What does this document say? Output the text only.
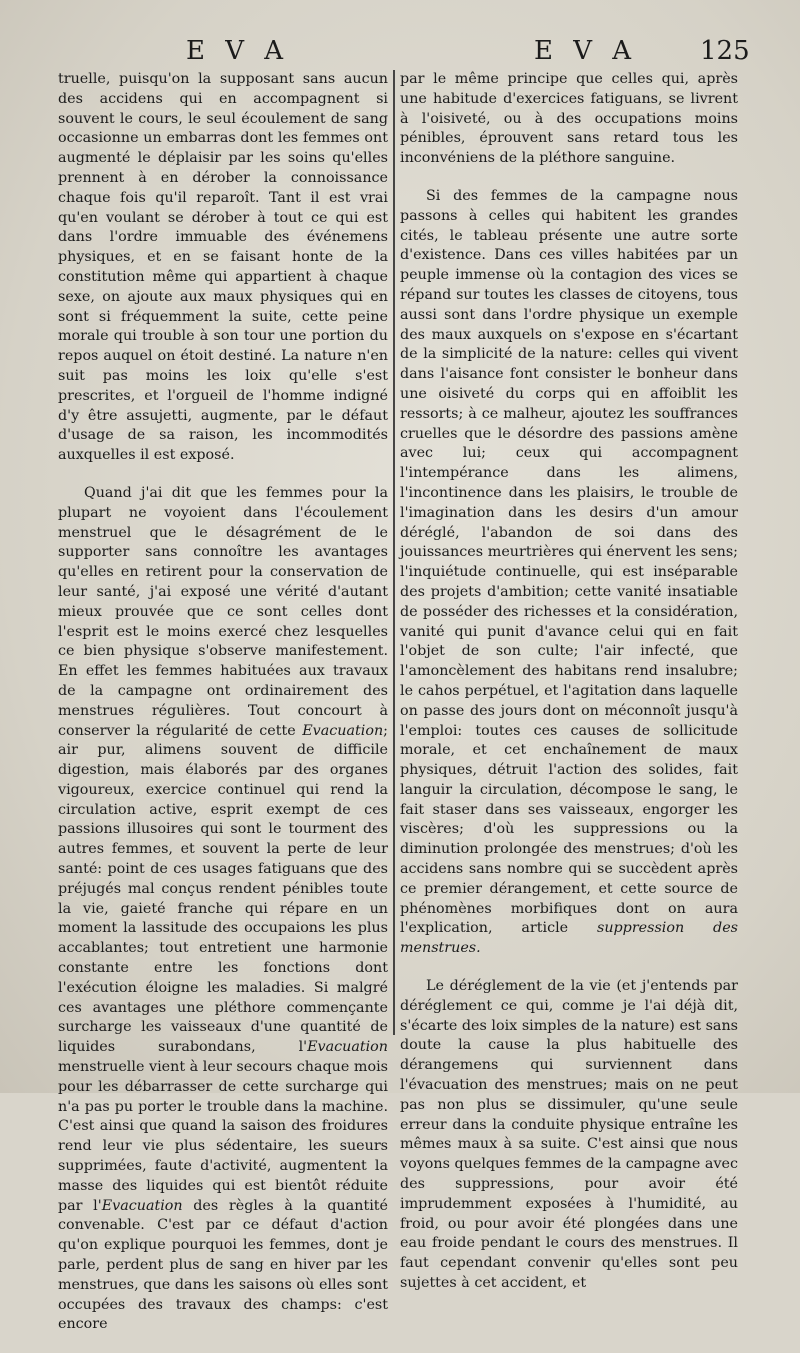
E V A	E V A 125

truelle, puisqu'on la supposant sans aucun des accidens qui en accompagnent si souvent le cours, le seul écoulement de sang occasionne un embarras dont les femmes ont augmenté le déplaisir par les soins qu'elles prennent à en dérober la connoissance chaque fois qu'il reparoît. Tant il est vrai qu'en voulant se dérober à tout ce qui est dans l'ordre immuable des événemens physiques, et en se faisant honte de la constitution même qui appartient à chaque sexe, on ajoute aux maux physiques qui en sont si fréquemment la suite, cette peine morale qui trouble à son tour une portion du repos auquel on étoit destiné. La nature n'en suit pas moins les loix qu'elle s'est prescrites, et l'orgueil de l'homme indigné d'y être assujetti, augmente, par le défaut d'usage de sa raison, les incommodités auxquelles il est exposé.

Quand j'ai dit que les femmes pour la plupart ne voyoient dans l'écoulement menstruel que le désagrément de le supporter sans connoître les avantages qu'elles en retirent pour la conservation de leur santé, j'ai exposé une vérité d'autant mieux prouvée que ce sont celles dont l'esprit est le moins exercé chez lesquelles ce bien physique s'observe manifestement. En effet les femmes habituées aux travaux de la campagne ont ordinairement des menstrues régulières. Tout concourt à conserver la régularité de cette Evacuation; air pur, alimens souvent de difficile digestion, mais élaborés par des organes vigoureux, exercice continuel qui rend la circulation active, esprit exempt de ces passions illusoires qui sont le tourment des autres femmes, et souvent la perte de leur santé: point de ces usages fatiguans que des préjugés mal conçus rendent pénibles toute la vie, gaieté franche qui répare en un moment la lassitude des occupaions les plus accablantes; tout entretient une harmonie constante entre les fonctions dont l'exécution éloigne les maladies. Si malgré ces avantages une pléthore commençante surcharge les vaisseaux d'une quantité de liquides surabondans, l'Evacuation menstruelle vient à leur secours chaque mois pour les débarrasser de cette surcharge qui n'a pas pu porter le trouble dans la machine. C'est ainsi que quand la saison des froidures rend leur vie plus sédentaire, les sueurs supprimées, faute d'activité, augmentent la masse des liquides qui est bientôt réduite par l'Evacuation des règles à la quantité convenable. C'est par ce défaut d'action qu'on explique pourquoi les femmes, dont je parle, perdent plus de sang en hiver par les menstrues, que dans les saisons où elles sont occupées des travaux des champs: c'est encore

par le même principe que celles qui, après une habitude d'exercices fatiguans, se livrent à l'oisiveté, ou à des occupations moins pénibles, éprouvent sans retard tous les inconvéniens de la pléthore sanguine.

Si des femmes de la campagne nous passons à celles qui habitent les grandes cités, le tableau présente une autre sorte d'existence. Dans ces villes habitées par un peuple immense où la contagion des vices se répand sur toutes les classes de citoyens, tous aussi sont dans l'ordre physique un exemple des maux auxquels on s'expose en s'écartant de la simplicité de la nature: celles qui vivent dans l'aisance font consister le bonheur dans une oisiveté du corps qui en affoiblit les ressorts; à ce malheur, ajoutez les souffrances cruelles que le désordre des passions amène avec lui; ceux qui accompagnent l'intempérance dans les alimens, l'incontinence dans les plaisirs, le trouble de l'imagination dans les desirs d'un amour déréglé, l'abandon de soi dans des jouissances meurtrières qui énervent les sens; l'inquiétude continuelle, qui est inséparable des projets d'ambition; cette vanité insatiable de posséder des richesses et la considération, vanité qui punit d'avance celui qui en fait l'objet de son culte; l'air infecté, que l'amoncèlement des habitans rend insalubre; le cahos perpétuel, et l'agitation dans laquelle on passe des jours dont on méconnoît jusqu'à l'emploi: toutes ces causes de sollicitude morale, et cet enchaînement de maux physiques, détruit l'action des solides, fait languir la circulation, décompose le sang, le fait staser dans ses vaisseaux, engorger les viscères; d'où les suppressions ou la diminution prolongée des menstrues; d'où les accidens sans nombre qui se succèdent après ce premier dérangement, et cette source de phénomènes morbifiques dont on aura l'explication, article suppression des menstrues.

Le déréglement de la vie (et j'entends par déréglement ce qui, comme je l'ai déjà dit, s'écarte des loix simples de la nature) est sans doute la cause la plus habituelle des dérangemens qui surviennent dans l'évacuation des menstrues; mais on ne peut pas non plus se dissimuler, qu'une seule erreur dans la conduite physique entraîne les mêmes maux à sa suite. C'est ainsi que nous voyons quelques femmes de la campagne avec des suppressions, pour avoir été imprudemment exposées à l'humidité, au froid, ou pour avoir été plongées dans une eau froide pendant le cours des menstrues. Il faut cependant convenir qu'elles sont peu sujettes à cet accident, et
